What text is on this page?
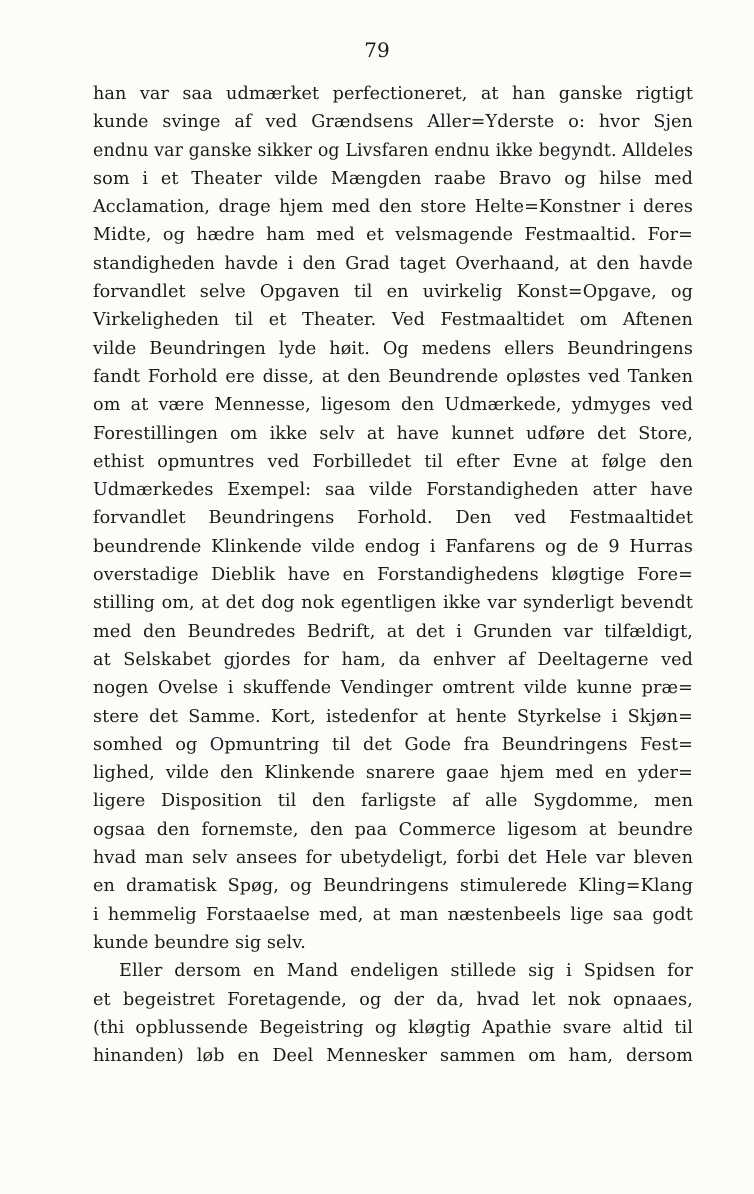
79
han var saa udmærket perfectioneret, at han ganske rigtigt
kunde svinge af ved Grændsens Aller=Yderste o: hvor Sjen
endnu var ganske sikker og Livsfaren endnu ikke begyndt. Alldeles
som i et Theater vilde Mængden raabe Bravo og hilse med
Acclamation, drage hjem med den store Helte=Konstner i deres
Midte, og hædre ham med et velsmagende Festmaaltid. For=
standigheden havde i den Grad taget Overhaand, at den havde
forvandlet selve Opgaven til en uvirkelig Konst=Opgave, og
Virkeligheden til et Theater. Ved Festmaaltidet om Aftenen
vilde Beundringen lyde høit. Og medens ellers Beundringens
fandt Forhold ere disse, at den Beundrende opløstes ved Tanken
om at være Mennesse, ligesom den Udmærkede, ydmyges ved
Forestillingen om ikke selv at have kunnet udføre det Store,
ethist opmuntres ved Forbilledet til efter Evne at følge den
Udmærkedes Exempel: saa vilde Forstandigheden atter have
forvandlet Beundringens Forhold. Den ved Festmaaltidet
beundrende Klinkende vilde endog i Fanfarens og de 9 Hurras
overstadige Dieblik have en Forstandighedens kløgtige Fore=
stilling om, at det dog nok egentligen ikke var synderligt bevendt
med den Beundredes Bedrift, at det i Grunden var tilfældigt,
at Selskabet gjordes for ham, da enhver af Deeltagerne ved
nogen Ovelse i skuffende Vendinger omtrent vilde kunne præ=
stere det Samme. Kort, istedenfor at hente Styrkelse i Skjøn=
somhed og Opmuntring til det Gode fra Beundringens Fest=
lighed, vilde den Klinkende snarere gaae hjem med en yder=
ligere Disposition til den farligste af alle Sygdomme, men
ogsaa den fornemste, den paa Commerce ligesom at beundre
hvad man selv ansees for ubetydeligt, forbi det Hele var bleven
en dramatisk Spøg, og Beundringens stimulerede Kling=Klang
i hemmelig Forstaaelse med, at man næstenbeels lige saa godt
kunde beundre sig selv.
Eller dersom en Mand endeligen stillede sig i Spidsen for
et begeistret Foretagende, og der da, hvad let nok opnaaes,
(thi opblussende Begeistring og kløgtig Apathie svare altid til
hinanden) løb en Deel Mennesker sammen om ham, dersom
